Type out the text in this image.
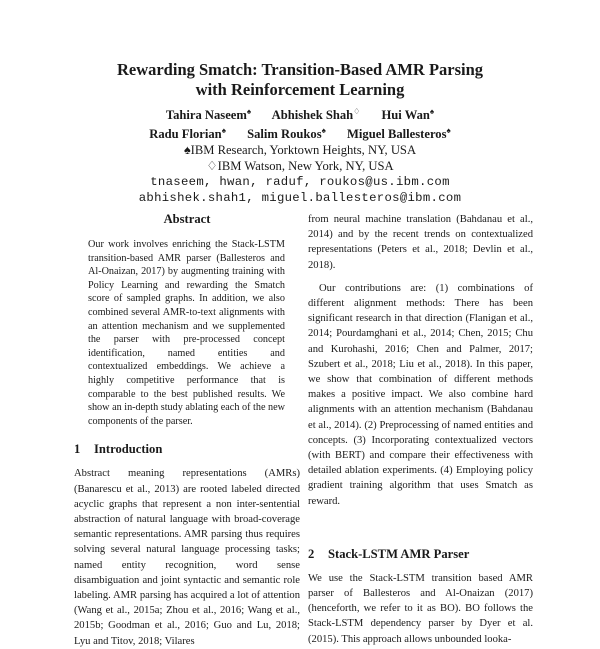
Rewarding Smatch: Transition-Based AMR Parsing
with Reinforcement Learning
Tahira Naseem♠ Abhishek Shah♢ Hui Wan♠
Radu Florian♠ Salim Roukos♠ Miguel Ballesteros♠
♠IBM Research, Yorktown Heights, NY, USA
♢IBM Watson, New York, NY, USA
tnaseem, hwan, raduf, roukos@us.ibm.com
abhishek.shah1, miguel.ballesteros@ibm.com
Abstract
Our work involves enriching the Stack-LSTM transition-based AMR parser (Ballesteros and Al-Onaizan, 2017) by augmenting training with Policy Learning and rewarding the Smatch score of sampled graphs. In addition, we also combined several AMR-to-text alignments with an attention mechanism and we supplemented the parser with pre-processed concept identification, named entities and contextualized embeddings. We achieve a highly competitive performance that is comparable to the best published results. We show an in-depth study ablating each of the new components of the parser.
1 Introduction

Abstract meaning representations (AMRs) (Banarescu et al., 2013) are rooted labeled directed acyclic graphs that represent a non inter-sentential abstraction of natural language with broad-coverage semantic representations. AMR parsing thus requires solving several natural language processing tasks; named entity recognition, word sense disambiguation and joint syntactic and semantic role labeling. AMR parsing has acquired a lot of attention (Wang et al., 2015a; Zhou et al., 2016; Wang et al., 2015b; Goodman et al., 2016; Guo and Lu, 2018; Lyu and Titov, 2018; Vilares

from neural machine translation (Bahdanau et al., 2014) and by the recent trends on contextualized representations (Peters et al., 2018; Devlin et al., 2018).

Our contributions are: (1) combinations of different alignment methods: There has been significant research in that direction (Flanigan et al., 2014; Pourdamghani et al., 2014; Chen, 2015; Chu and Kurohashi, 2016; Chen and Palmer, 2017; Szubert et al., 2018; Liu et al., 2018). In this paper, we show that combination of different methods makes a positive impact. We also combine hard alignments with an attention mechanism (Bahdanau et al., 2014). (2) Preprocessing of named entities and concepts. (3) Incorporating contextualized vectors (with BERT) and compare their effectiveness with detailed ablation experiments. (4) Employing policy gradient training algorithm that uses Smatch as reward.

2 Stack-LSTM AMR Parser

We use the Stack-LSTM transition based AMR parser of Ballesteros and Al-Onaizan (2017) (henceforth, we refer to it as BO). BO follows the Stack-LSTM dependency parser by Dyer et al. (2015). This approach allows unbounded looka-
